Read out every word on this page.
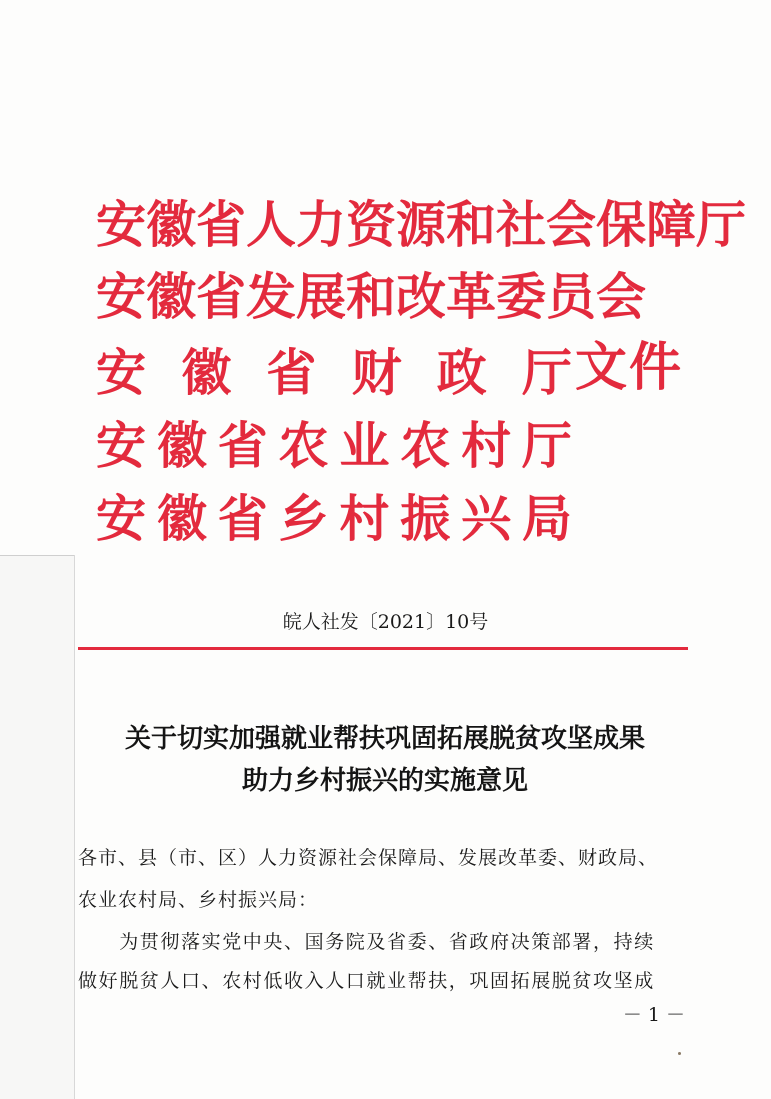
安 徽 省 人 力 资 源 和 社 会 保 障 厅
安 徽 省 发 展 和 改 革 委 员 会
安 徽 省 财 政 厅
安 徽 省 农 业 农 村 厅
安 徽 省 乡 村 振 兴 局
文件
皖人社发〔2021〕10号
关于切实加强就业帮扶巩固拓展脱贫攻坚成果
助力乡村振兴的实施意见
各市、县（市、区）人力资源社会保障局、发展改革委、财政局、
农业农村局、乡村振兴局：
　　为贯彻落实党中央、国务院及省委、省政府决策部署，持续
做好脱贫人口、农村低收入人口就业帮扶，巩固拓展脱贫攻坚成
－ 1 －
